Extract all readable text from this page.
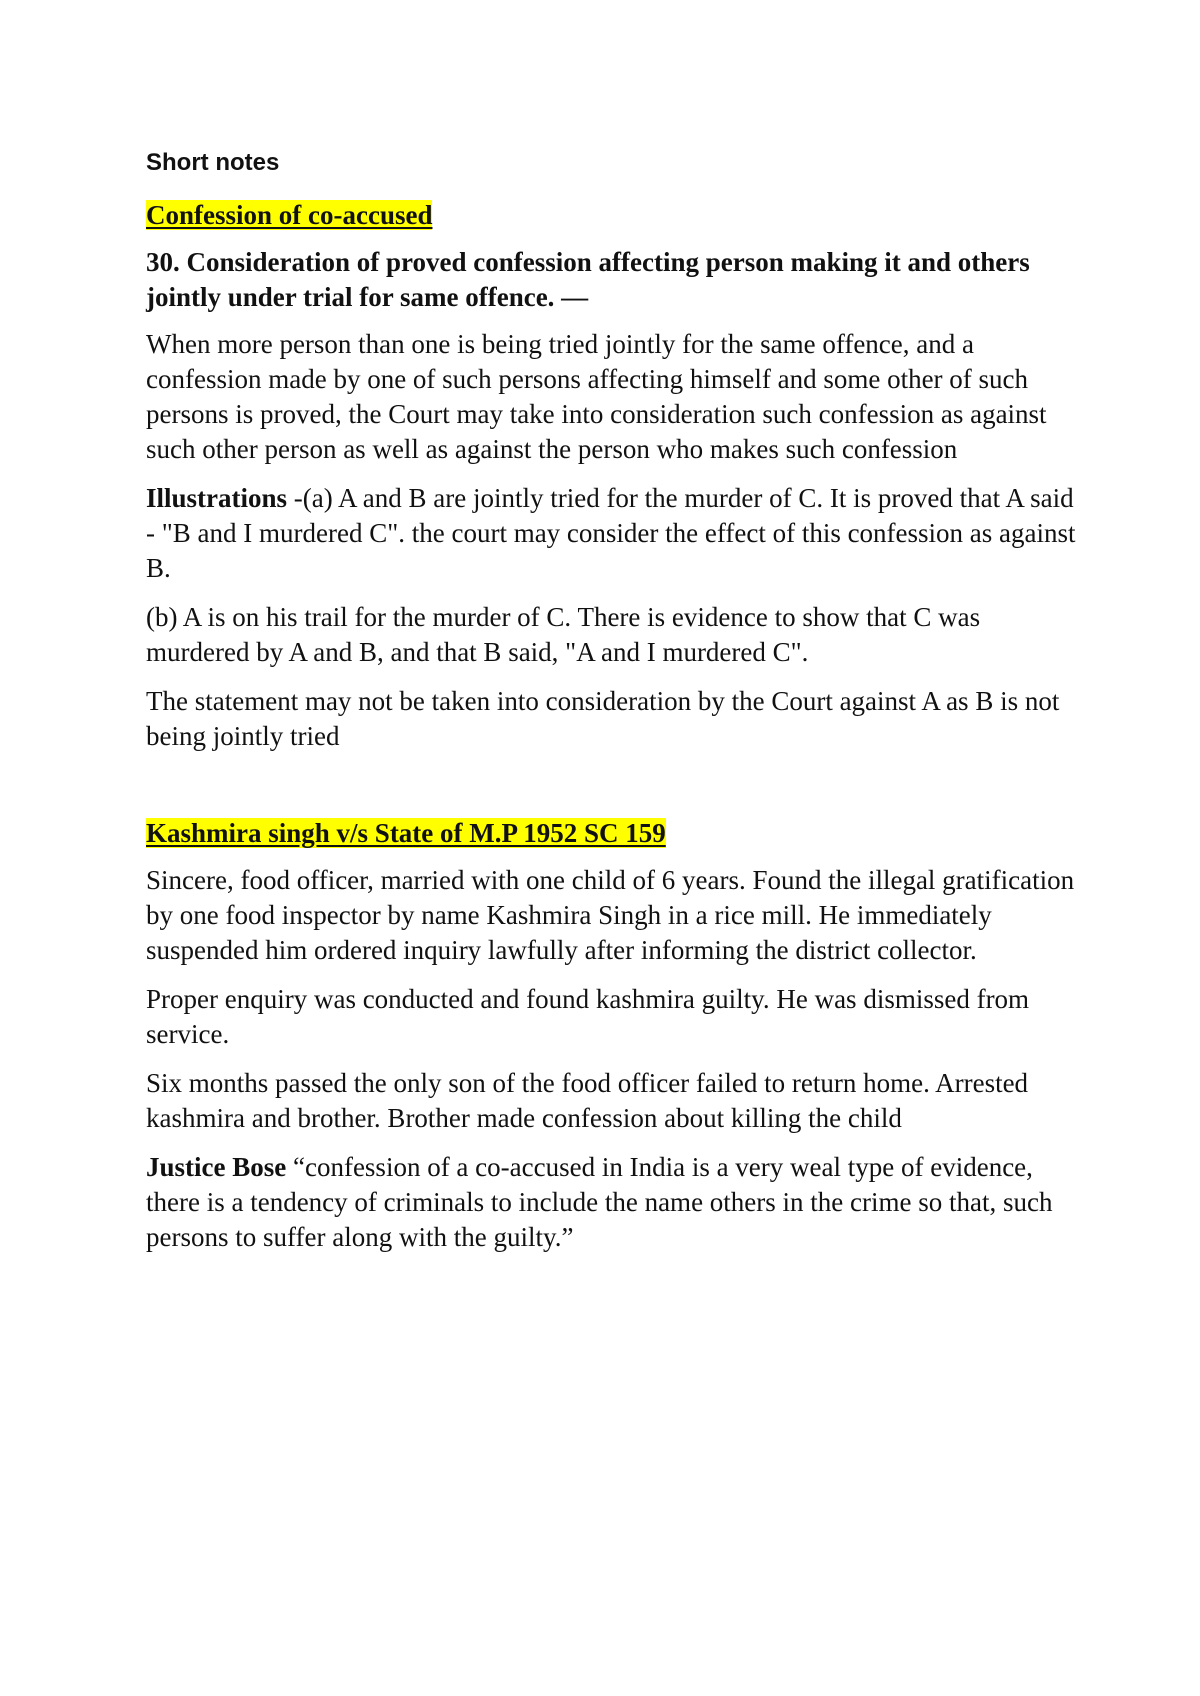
Short notes
Confession of co-accused
30. Consideration of proved confession affecting person making it and others jointly under trial for same offence. —

When more person than one is being tried jointly for the same offence, and a confession made by one of such persons affecting himself and some other of such persons is proved, the Court may take into consideration such confession as against such other person as well as against the person who makes such confession

Illustrations -(a) A and B are jointly tried for the murder of C. It is proved that A said - "B and I murdered C". the court may consider the effect of this confession as against B.

(b) A is on his trail for the murder of C. There is evidence to show that C was murdered by A and B, and that B said, "A and I murdered C".

The statement may not be taken into consideration by the Court against A as B is not being jointly tried

Kashmira singh v/s State of M.P 1952 SC 159

Sincere, food officer, married with one child of 6 years. Found the illegal gratification by one food inspector by name Kashmira Singh in a rice mill. He immediately suspended him ordered inquiry lawfully after informing the district collector.

Proper enquiry was conducted and found kashmira guilty. He was dismissed from service.

Six months passed the only son of the food officer failed to return home. Arrested kashmira and brother. Brother made confession about killing the child

Justice Bose “confession of a co-accused in India is a very weal type of evidence, there is a tendency of criminals to include the name others in the crime so that, such persons to suffer along with the guilty.”
